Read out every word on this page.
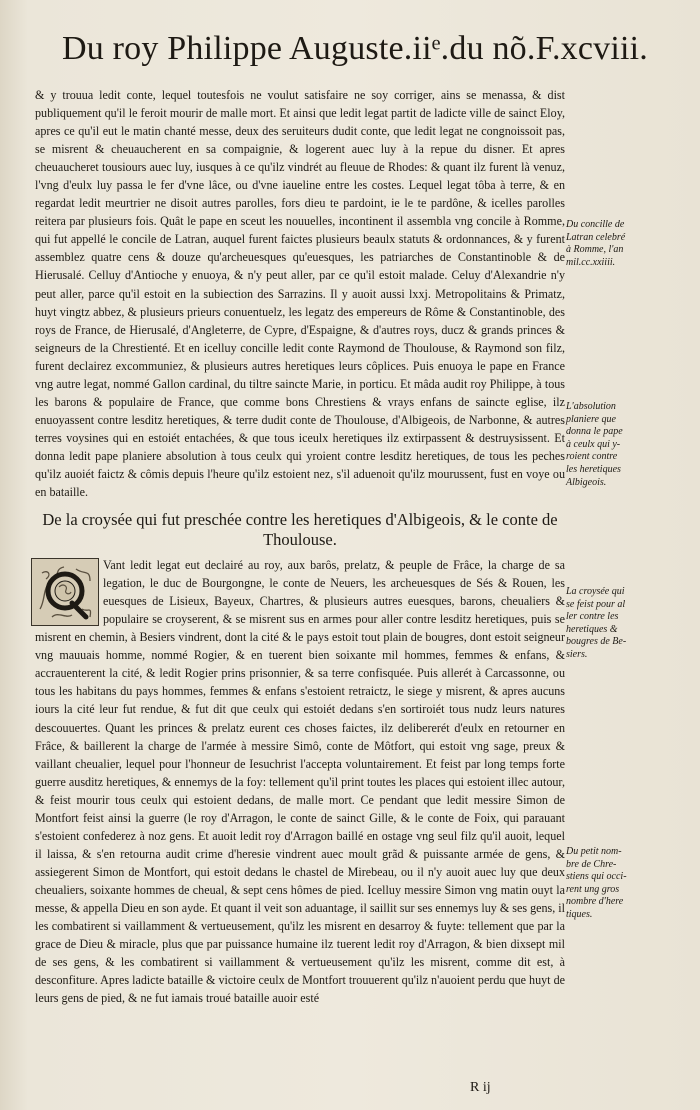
Du roy Philippe Auguste.iiᵉ.du nõ. F.xcviii.

& y trouua ledit conte, lequel toutesfois ne voulut satisfaire ne soy corriger, ains se menassa, & dist publiquement qu'il le feroit mourir de malle mort. Et ainsi que ledit legat partit de ladicte ville de sainct Eloy, apres ce qu'il eut le matin chanté messe, deux des seruiteurs dudit conte, que ledit legat ne congnoissoit pas, se misrent & cheuaucherent en sa compaignie, & logerent auec luy à la repue du disner. Et apres cheuaucheret tousiours auec luy, iusques à ce qu'ilz vindrét au fleuue de Rhodes: & quant ilz furent là venuz, l'vng d'eulx luy passa le fer d'vne lâce, ou d'vne iaueline entre les costes. Lequel legat tôba à terre, & en regardat ledit meurtrier ne disoit autres parolles, fors dieu te pardoint, ie le te pardône, & icelles parolles reitera par plusieurs fois. Quât le pape en sceut les nouuelles, incontinent il assembla vng concile à Romme, qui fut appellé le concile de Latran, auquel furent faictes plusieurs beaulx statuts & ordonnances, & y furent assemblez quatre cens & douze qu'archeuesques qu'euesques, les patriarches de Constantinoble & de Hierusalé. Celluy d'Antioche y enuoya, & n'y peut aller, par ce qu'il estoit malade. Celuy d'Alexandrie n'y peut aller, parce qu'il estoit en la subiection des Sarrazins. Il y auoit aussi lxxj. Metropolitains & Primatz, huyt vingtz abbez, & plusieurs prieurs conuentuelz, les legatz des empereurs de Rôme & Constantinoble, des roys de France, de Hierusalé, d'Angleterre, de Cypre, d'Espaigne, & d'autres roys, ducz & grands princes & seigneurs de la Chrestienté. Et en icelluy concille ledit conte Raymond de Thoulouse, & Raymond son filz, furent declairez excommuniez, & plusieurs autres heretiques leurs côplices. Puis enuoya le pape en France vng autre legat, nommé Gallon cardinal, du tiltre saincte Marie, in porticu. Et mâda audit roy Philippe, à tous les barons & populaire de France, que comme bons Chrestiens & vrays enfans de saincte eglise, ilz enuoyassent contre lesditz heretiques, & terre dudit conte de Thoulouse, d'Albigeois, de Narbonne, & autres terres voysines qui en estoiét entachées, & que tous iceulx heretiques ilz extirpassent & destruysissent. Et donna ledit pape planiere absolution à tous ceulx qui yroient contre lesditz heretiques, de tous les peches qu'ilz auoiét faictz & cômis depuis l'heure qu'ilz estoient nez, s'il aduenoit qu'ilz mourussent, fust en voye ou en bataille.

De la croysée qui fut preschée contre les heretiques d'Albigeois, & le conte de Thoulouse.

Vant ledit legat eut declairé au roy, aux barôs, prelatz, & peuple de Frâce, la charge de sa legation, le duc de Bourgongne, le conte de Neuers, les archeuesques de Sés & Rouen, les euesques de Lisieux, Bayeux, Chartres, & plusieurs autres euesques, barons, cheualiers & populaire se croyserent, & se misrent sus en armes pour aller contre lesditz heretiques, puis se misrent en chemin, à Besiers vindrent, dont la cité & le pays estoit tout plain de bougres, dont estoit seigneur vng mauuais homme, nommé Rogier, & en tuerent bien soixante mil hommes, femmes & enfans, & accrauenterent la cité, & ledit Rogier prins prisonnier, & sa terre confisquée. Puis allerét à Carcassonne, ou tous les habitans du pays hommes, femmes & enfans s'estoient retraictz, le siege y misrent, & apres aucuns iours la cité leur fut rendue, & fut dit que ceulx qui estoiét dedans s'en sortiroiét tous nudz leurs natures descouuertes. Quant les princes & prelatz eurent ces choses faictes, ilz delibererét d'eulx en retourner en Frâce, & baillerent la charge de l'armée à messire Simô, conte de Môtfort, qui estoit vng sage, preux & vaillant cheualier, lequel pour l'honneur de Iesuchrist l'accepta voluntairement. Et feist par long temps forte guerre ausditz heretiques, & ennemys de la foy: tellement qu'il print toutes les places qui estoient illec autour, & feist mourir tous ceulx qui estoient dedans, de malle mort. Ce pendant que ledit messire Simon de Montfort feist ainsi la guerre (le roy d'Arragon, le conte de sainct Gille, & le conte de Foix, qui parauant s'estoient confederez à noz gens. Et auoit ledit roy d'Arragon baillé en ostage vng seul filz qu'il auoit, lequel il laissa, & s'en retourna audit crime d'heresie vindrent auec moult grãd & puissante armée de gens, & assiegerent Simon de Montfort, qui estoit dedans le chastel de Mirebeau, ou il n'y auoit auec luy que deux cheualiers, soixante hommes de cheual, & sept cens hômes de pied. Icelluy messire Simon vng matin ouyt la messe, & appella Dieu en son ayde. Et quant il veit son aduantage, il saillit sur ses ennemys luy & ses gens, il les combatirent si vaillamment & vertueusement, qu'ilz les misrent en desarroy & fuyte: tellement que par la grace de Dieu & miracle, plus que par puissance humaine ilz tuerent ledit roy d'Arragon, & bien dixsept mil de ses gens, & les combatirent si vaillamment & vertueusement qu'ilz les misrent, comme dit est, à desconfiture. Apres ladicte bataille & victoire ceulx de Montfort trouuerent qu'ilz n'auoient perdu que huyt de leurs gens de pied, & ne fut iamais troué bataille auoir esté

Du concille de
Latran celebré
à Romme, l'an
mil.cc.xxiiii.
L'absolution
planiere que
donna le pape
à ceulx qui y-
roient contre
les heretiques
Albigeois.
La croysée qui
se feist pour al
ler contre les
heretiques &
bougres de Be-
siers.
Du petit nom-
bre de Chre-
stiens qui occi-
rent ung gros
nombre d'here
tiques.
R ij
